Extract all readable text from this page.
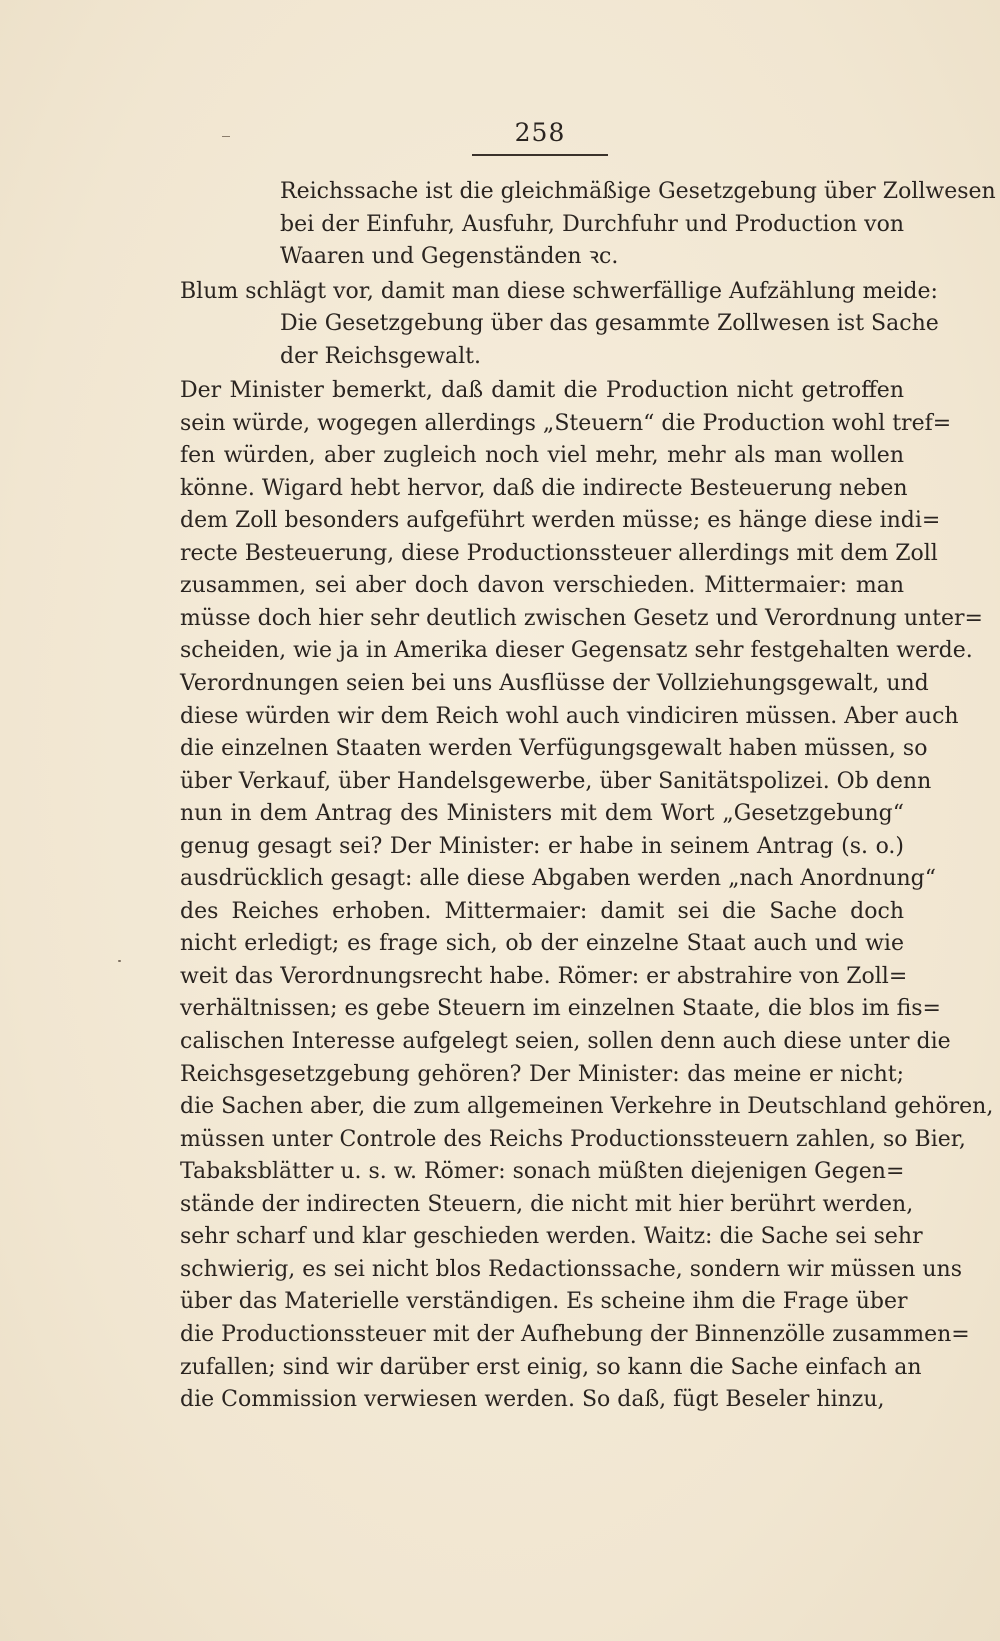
258
Reichssache ist die gleichmäßige Gesetzgebung über Zollwesen
bei der Einfuhr, Ausfuhr, Durchfuhr und Production von
Waaren und Gegenständen ꝛc.
Blum schlägt vor, damit man diese schwerfällige Aufzählung meide:
Die Gesetzgebung über das gesammte Zollwesen ist Sache
der Reichsgewalt.
Der Minister bemerkt, daß damit die Production nicht getroffen
sein würde, wogegen allerdings „Steuern“ die Production wohl tref=
fen würden, aber zugleich noch viel mehr, mehr als man wollen
könne. Wigard hebt hervor, daß die indirecte Besteuerung neben
dem Zoll besonders aufgeführt werden müsse; es hänge diese indi=
recte Besteuerung, diese Productionssteuer allerdings mit dem Zoll
zusammen, sei aber doch davon verschieden. Mittermaier: man
müsse doch hier sehr deutlich zwischen Gesetz und Verordnung unter=
scheiden, wie ja in Amerika dieser Gegensatz sehr festgehalten werde.
Verordnungen seien bei uns Ausflüsse der Vollziehungsgewalt, und
diese würden wir dem Reich wohl auch vindiciren müssen. Aber auch
die einzelnen Staaten werden Verfügungsgewalt haben müssen, so
über Verkauf, über Handelsgewerbe, über Sanitätspolizei. Ob denn
nun in dem Antrag des Ministers mit dem Wort „Gesetzgebung“
genug gesagt sei? Der Minister: er habe in seinem Antrag (s. o.)
ausdrücklich gesagt: alle diese Abgaben werden „nach Anordnung“
des Reiches erhoben. Mittermaier: damit sei die Sache doch
nicht erledigt; es frage sich, ob der einzelne Staat auch und wie
weit das Verordnungsrecht habe. Römer: er abstrahire von Zoll=
verhältnissen; es gebe Steuern im einzelnen Staate, die blos im fis=
calischen Interesse aufgelegt seien, sollen denn auch diese unter die
Reichsgesetzgebung gehören? Der Minister: das meine er nicht;
die Sachen aber, die zum allgemeinen Verkehre in Deutschland gehören,
müssen unter Controle des Reichs Productionssteuern zahlen, so Bier,
Tabaksblätter u. s. w. Römer: sonach müßten diejenigen Gegen=
stände der indirecten Steuern, die nicht mit hier berührt werden,
sehr scharf und klar geschieden werden. Waitz: die Sache sei sehr
schwierig, es sei nicht blos Redactionssache, sondern wir müssen uns
über das Materielle verständigen. Es scheine ihm die Frage über
die Productionssteuer mit der Aufhebung der Binnenzölle zusammen=
zufallen; sind wir darüber erst einig, so kann die Sache einfach an
die Commission verwiesen werden. So daß, fügt Beseler hinzu,
